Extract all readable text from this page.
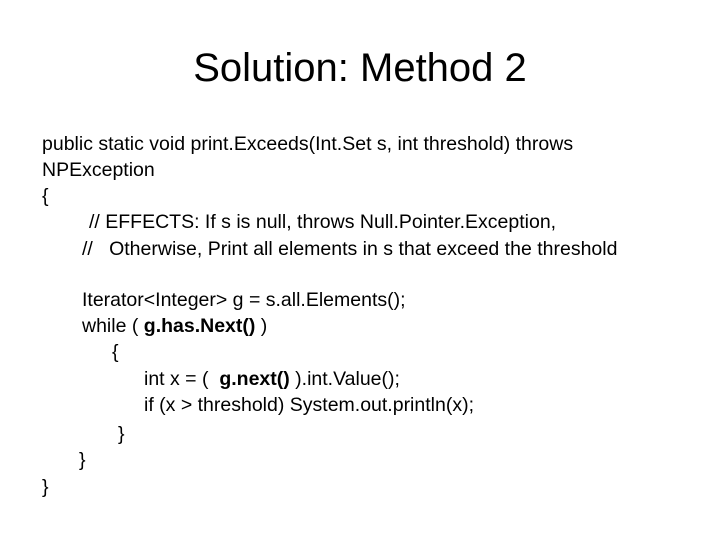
Solution: Method 2
public static void print.Exceeds(Int.Set s, int threshold) throws
NPException
{
// EFFECTS: If s is null, throws Null.Pointer.Exception,
//   Otherwise, Print all elements in s that exceed the threshold
Iterator<Integer> g = s.all.Elements();
while ( g.has.Next() )
{
int x = (  g.next() ).int.Value();
if (x > threshold) System.out.println(x);
}
}
}
